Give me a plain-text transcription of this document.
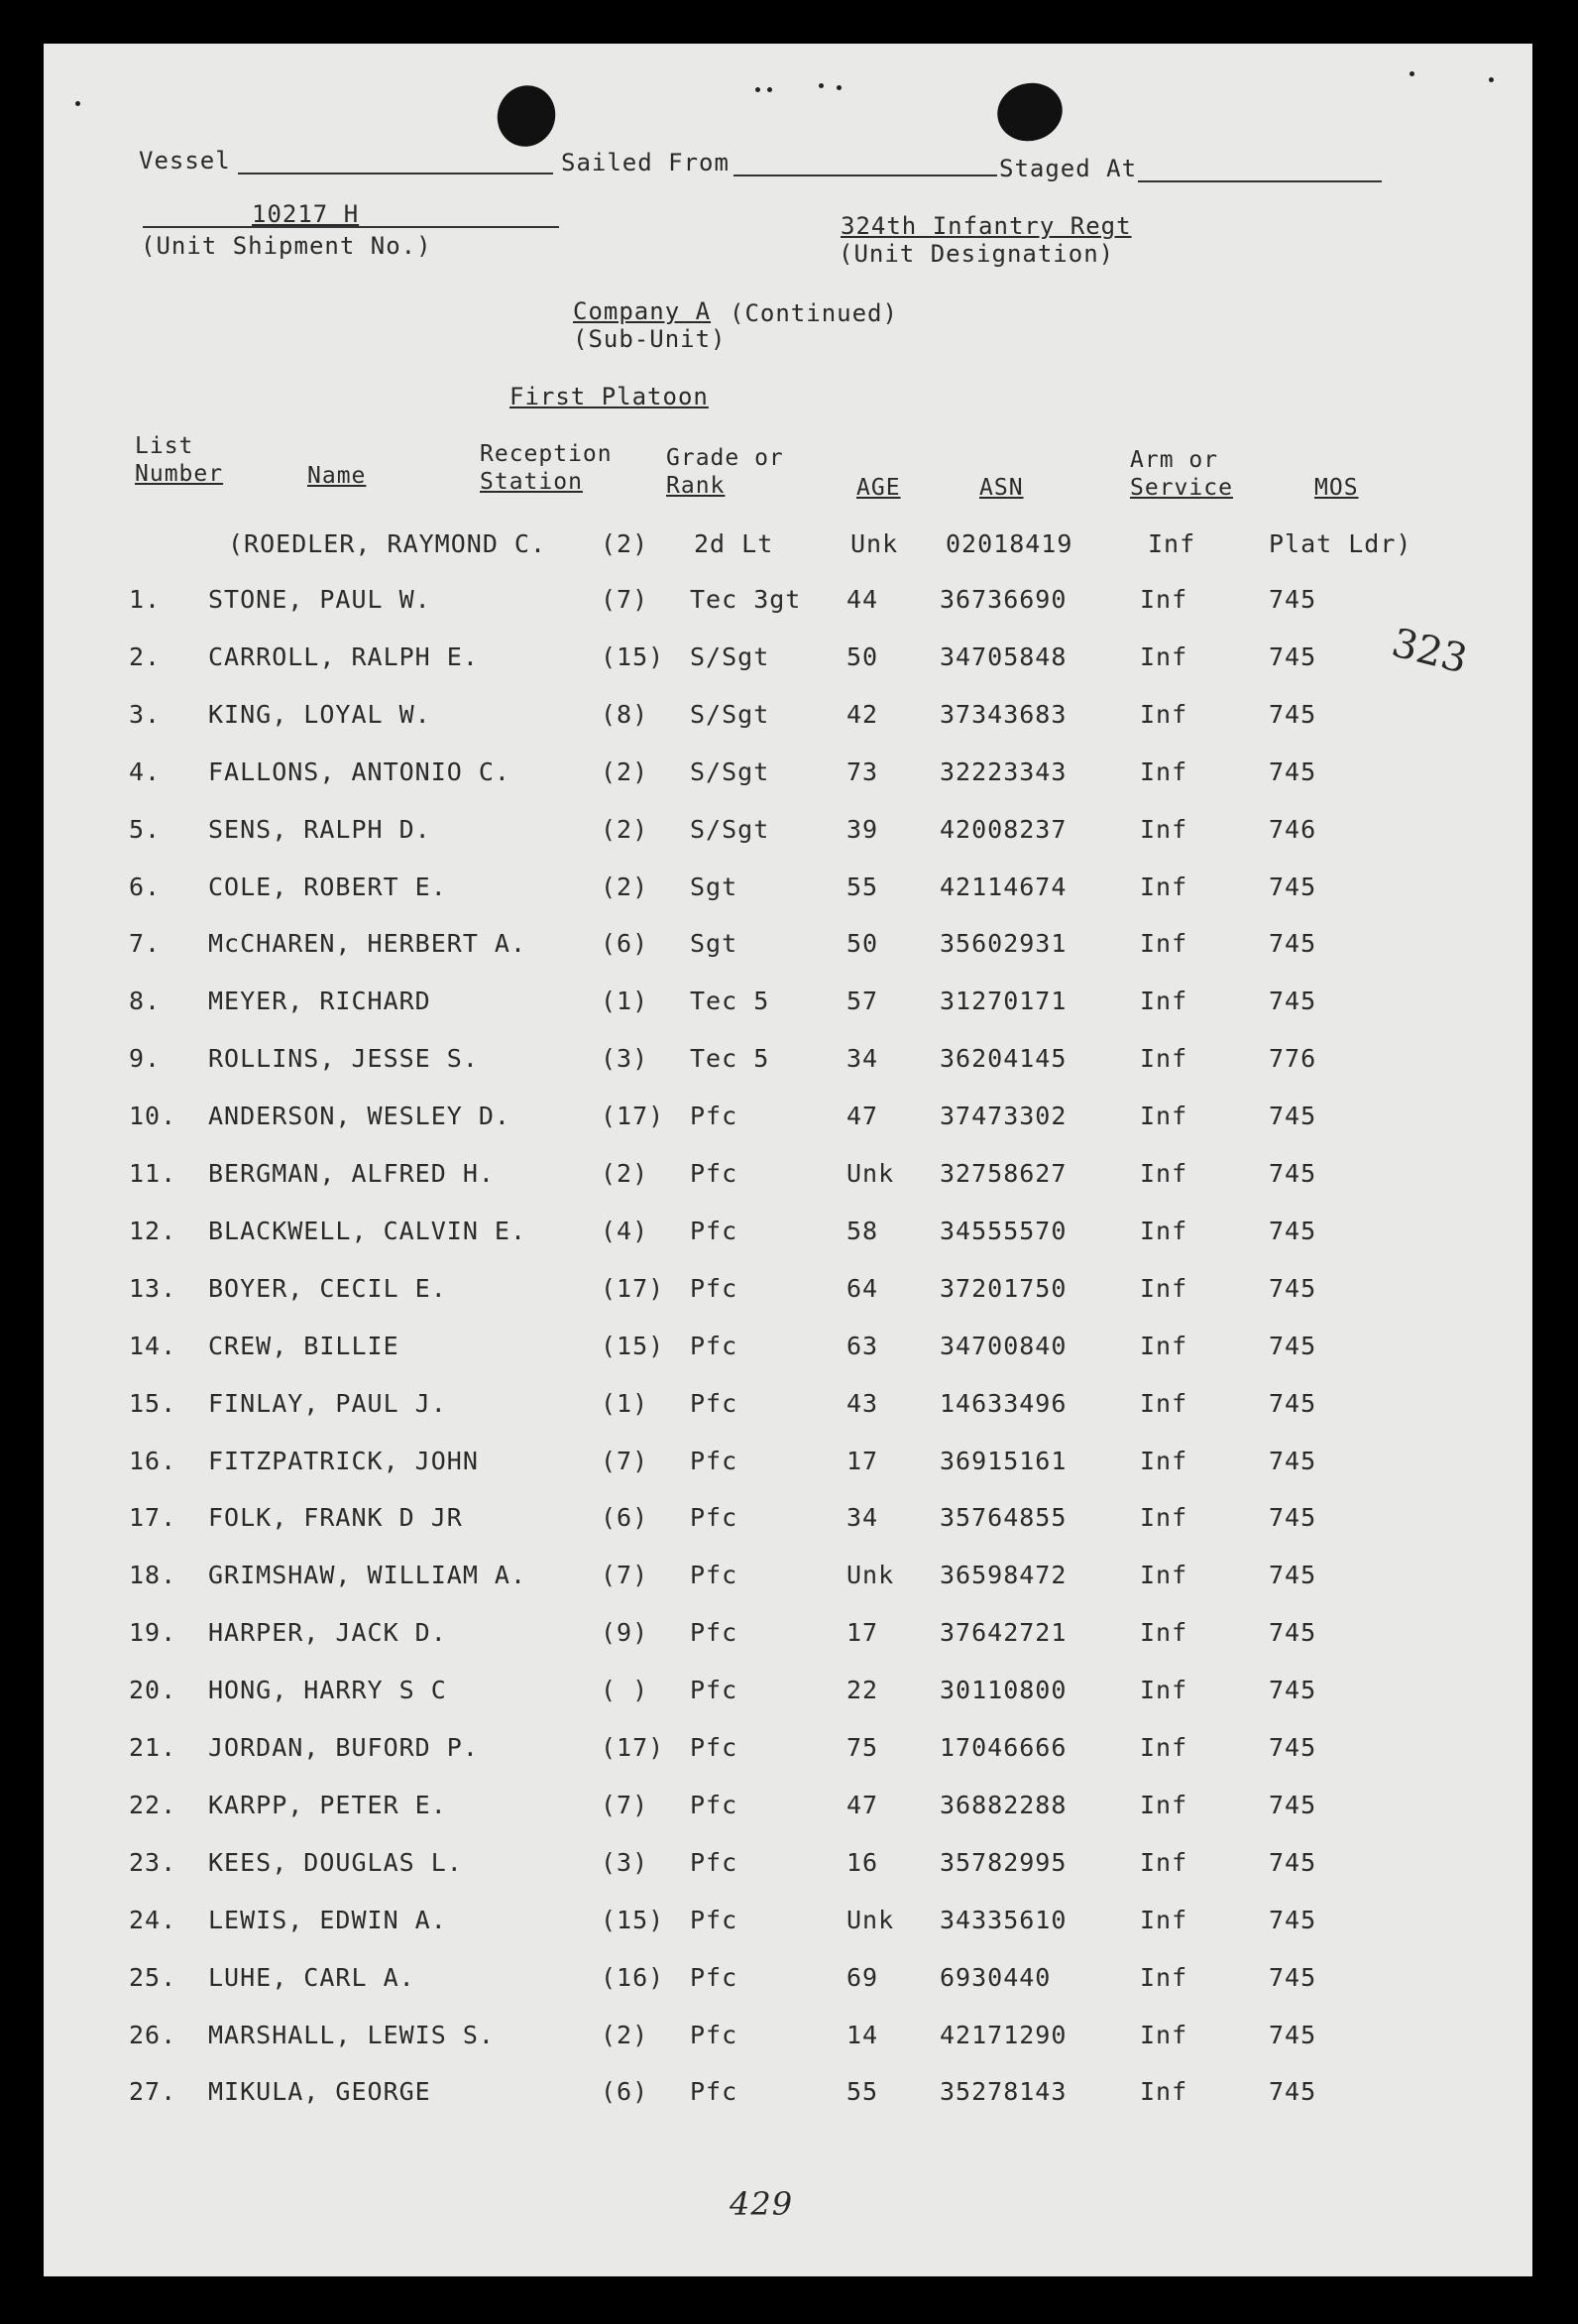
Vessel	Sailed From	Staged At
10217 H
(Unit Shipment No.)
324th Infantry Regt
(Unit Designation)
Company A (Continued)
(Sub-Unit)
First Platoon
323
List
Number	Name
Reception
Station
Grade or
Rank	AGE	ASN
Arm or
Service	MOS
(ROEDLER, RAYMOND C. (2) 2d Lt	Unk 02018419	Inf	Plat Ldr)
1. STONE, PAUL W.	(7) Tec 3gt 44 36736690	Inf	745
2. CARROLL, RALPH E.	(15) S/Sgt	50 34705848	Inf	745
3. KING, LOYAL W.	(8) S/Sgt	42 37343683	Inf	745
4. FALLONS, ANTONIO C.	(2) S/Sgt	73 32223343	Inf	745
5. SENS, RALPH D.	(2) S/Sgt	39 42008237	Inf	746
6. COLE, ROBERT E.	(2) Sgt	55 42114674	Inf	745
7. McCHAREN, HERBERT A.	(6) Sgt	50 35602931	Inf	745
8. MEYER, RICHARD	(1) Tec 5	57 31270171	Inf	745
9. ROLLINS, JESSE S.	(3) Tec 5	34 36204145	Inf	776
10. ANDERSON, WESLEY D.	(17) Pfc	47 37473302	Inf	745
11. BERGMAN, ALFRED H.	(2) Pfc	Unk 32758627	Inf	745
12. BLACKWELL, CALVIN E.	(4) Pfc	58 34555570	Inf	745
13. BOYER, CECIL E.	(17) Pfc	64 37201750	Inf	745
14. CREW, BILLIE	(15) Pfc	63 34700840	Inf	745
15. FINLAY, PAUL J.	(1) Pfc	43 14633496	Inf	745
16. FITZPATRICK, JOHN	(7) Pfc	17 36915161	Inf	745
17. FOLK, FRANK D JR	(6) Pfc	34 35764855	Inf	745
18. GRIMSHAW, WILLIAM A.	(7) Pfc	Unk 36598472	Inf	745
19. HARPER, JACK D.	(9) Pfc	17 37642721	Inf	745
20. HONG, HARRY S C	( ) Pfc	22 30110800	Inf	745
21. JORDAN, BUFORD P.	(17) Pfc	75 17046666	Inf	745
22. KARPP, PETER E.	(7) Pfc	47 36882288	Inf	745
23. KEES, DOUGLAS L.	(3) Pfc	16 35782995	Inf	745
24. LEWIS, EDWIN A.	(15) Pfc	Unk 34335610	Inf	745
25. LUHE, CARL A.	(16) Pfc	69 6930440	Inf	745
26. MARSHALL, LEWIS S.	(2) Pfc	14 42171290	Inf	745
27. MIKULA, GEORGE	(6) Pfc	55 35278143	Inf	745
429
